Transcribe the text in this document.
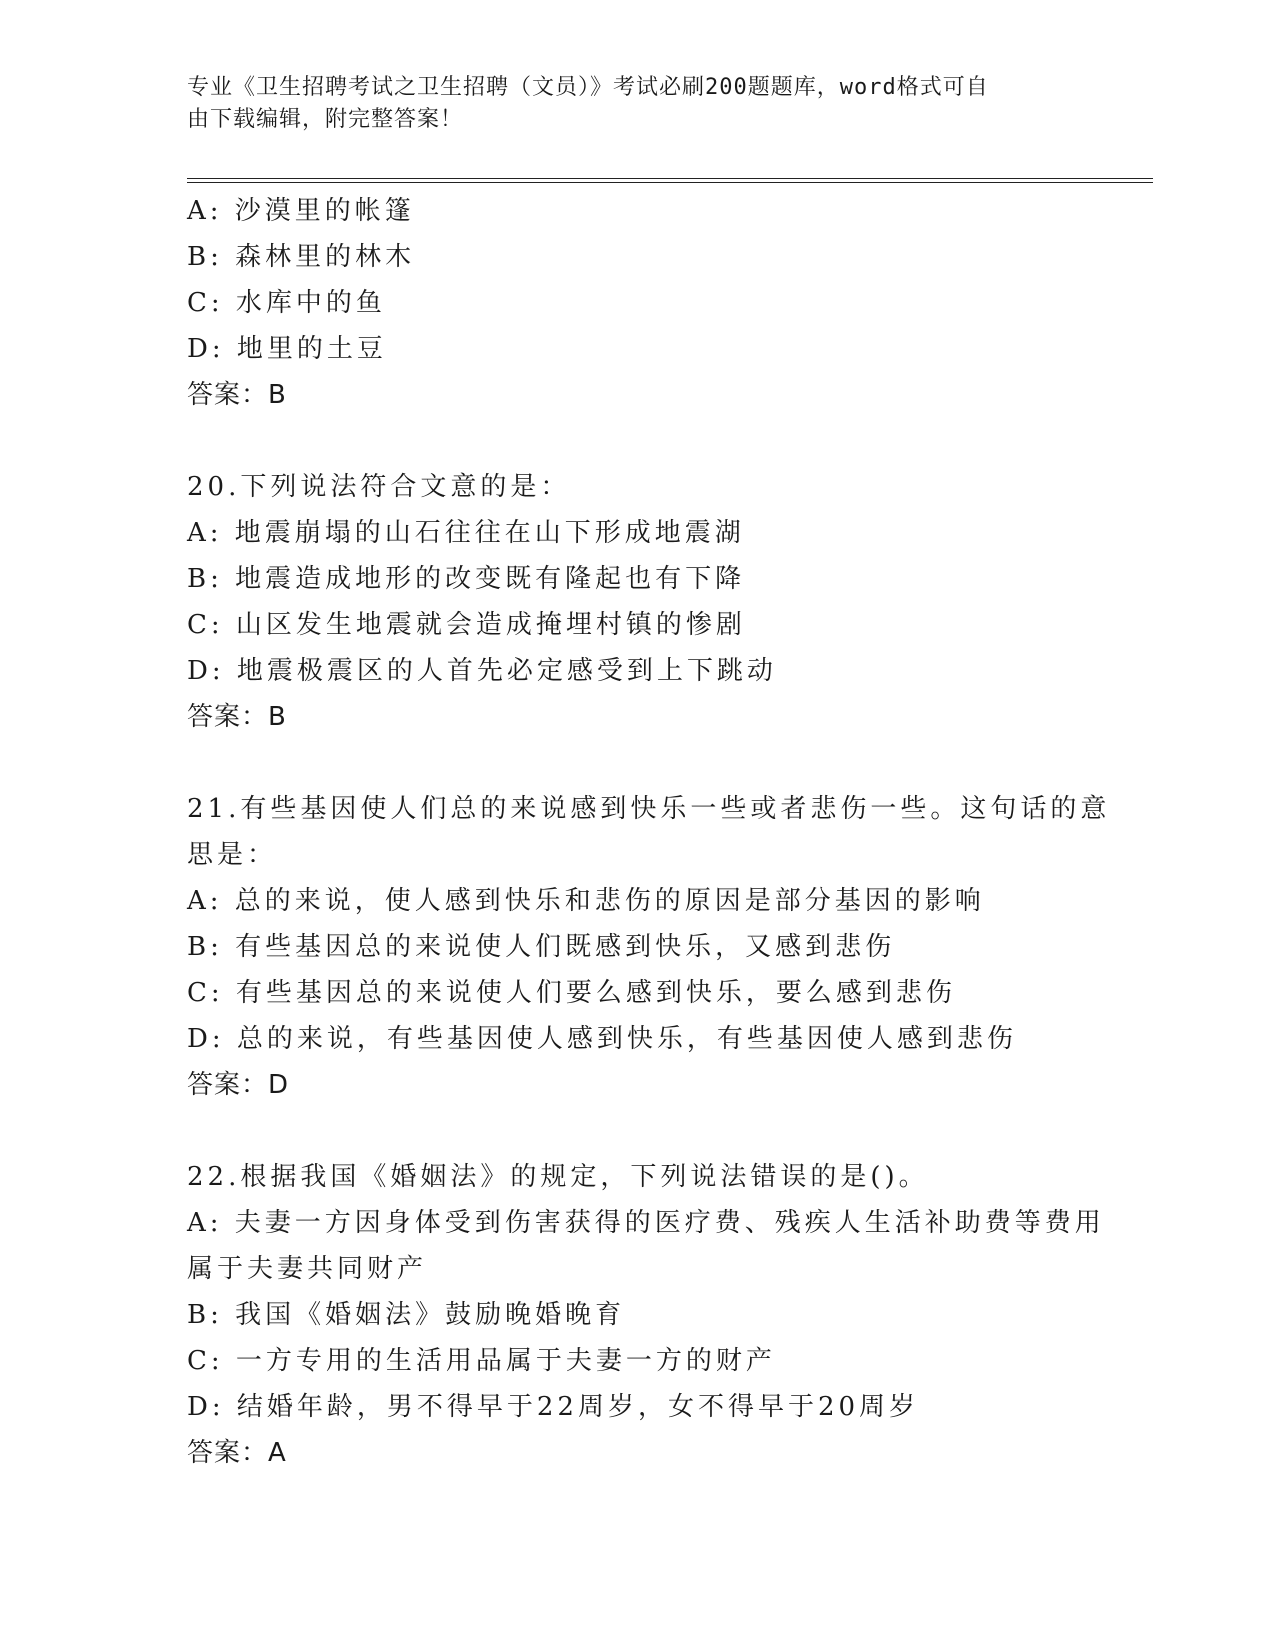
专业《卫生招聘考试之卫生招聘（文员）》考试必刷200题题库，word格式可自
由下载编辑，附完整答案！
A: 沙漠里的帐篷
B: 森林里的林木
C: 水库中的鱼
D: 地里的土豆
答案：B
20.下列说法符合文意的是：
A: 地震崩塌的山石往往在山下形成地震湖
B: 地震造成地形的改变既有隆起也有下降
C: 山区发生地震就会造成掩埋村镇的惨剧
D: 地震极震区的人首先必定感受到上下跳动
答案：B
21.有些基因使人们总的来说感到快乐一些或者悲伤一些。这句话的意
思是：
A: 总的来说，使人感到快乐和悲伤的原因是部分基因的影响
B: 有些基因总的来说使人们既感到快乐，又感到悲伤
C: 有些基因总的来说使人们要么感到快乐，要么感到悲伤
D: 总的来说，有些基因使人感到快乐，有些基因使人感到悲伤
答案：D
22.根据我国《婚姻法》的规定，下列说法错误的是()。
A: 夫妻一方因身体受到伤害获得的医疗费、残疾人生活补助费等费用
属于夫妻共同财产
B: 我国《婚姻法》鼓励晚婚晚育
C: 一方专用的生活用品属于夫妻一方的财产
D: 结婚年龄，男不得早于22周岁，女不得早于20周岁
答案：A
